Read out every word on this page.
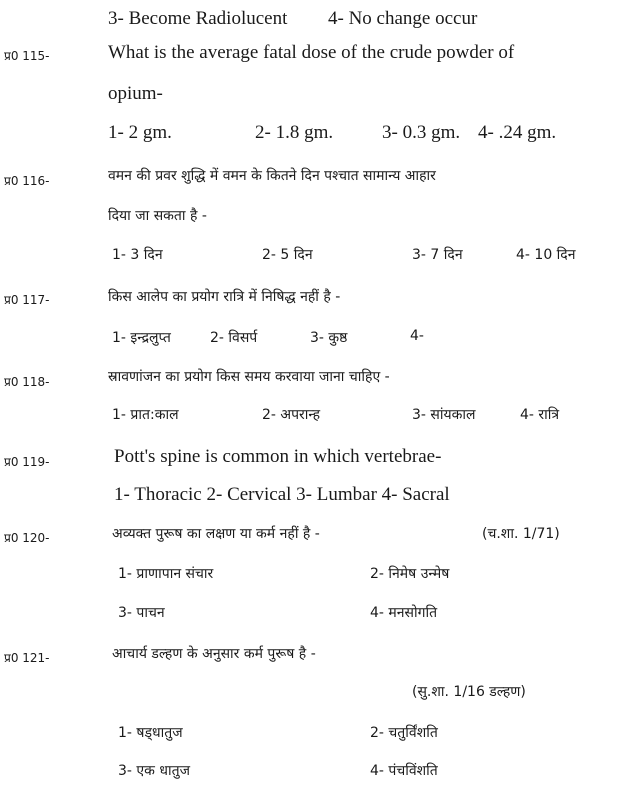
3- Become Radiolucent 4- No change occur
प्र0 115-	What is the average fatal dose of the crude powder of
opium-
1- 2 gm.	2- 1.8 gm.	3- 0.3 gm. 4- .24 gm.
प्र0 116-	वमन की प्रवर शुद्धि में वमन के कितने दिन पश्चात सामान्य आहार
दिया जा सकता है -
1- 3 दिन	2- 5 दिन	3- 7 दिन	4- 10 दिन
प्र0 117-	किस आलेप का प्रयोग रात्रि में निषिद्ध नहीं है -
1- इन्द्रलुप्त	2- विसर्प	3- कुष्ठ	4-
प्र0 118-	स्रावणांजन का प्रयोग किस समय करवाया जाना चाहिए -
1- प्रात:काल	2- अपरान्ह	3- सांयकाल	4- रात्रि
प्र0 119-	Pott's spine is common in which vertebrae-
1- Thoracic 2- Cervical 3- Lumbar 4- Sacral
प्र0 120-	अव्यक्त पुरूष का लक्षण या कर्म नहीं है -	(च.शा. 1/71)
1- प्राणापान संचार	2- निमेष उन्मेष
3- पाचन	4- मनसोगति
प्र0 121-	आचार्य डल्हण के अनुसार कर्म पुरूष है -
(सु.शा. 1/16 डल्हण)
1- षड्धातुज	2- चतुर्विंशति
3- एक धातुज	4- पंचविंशति
